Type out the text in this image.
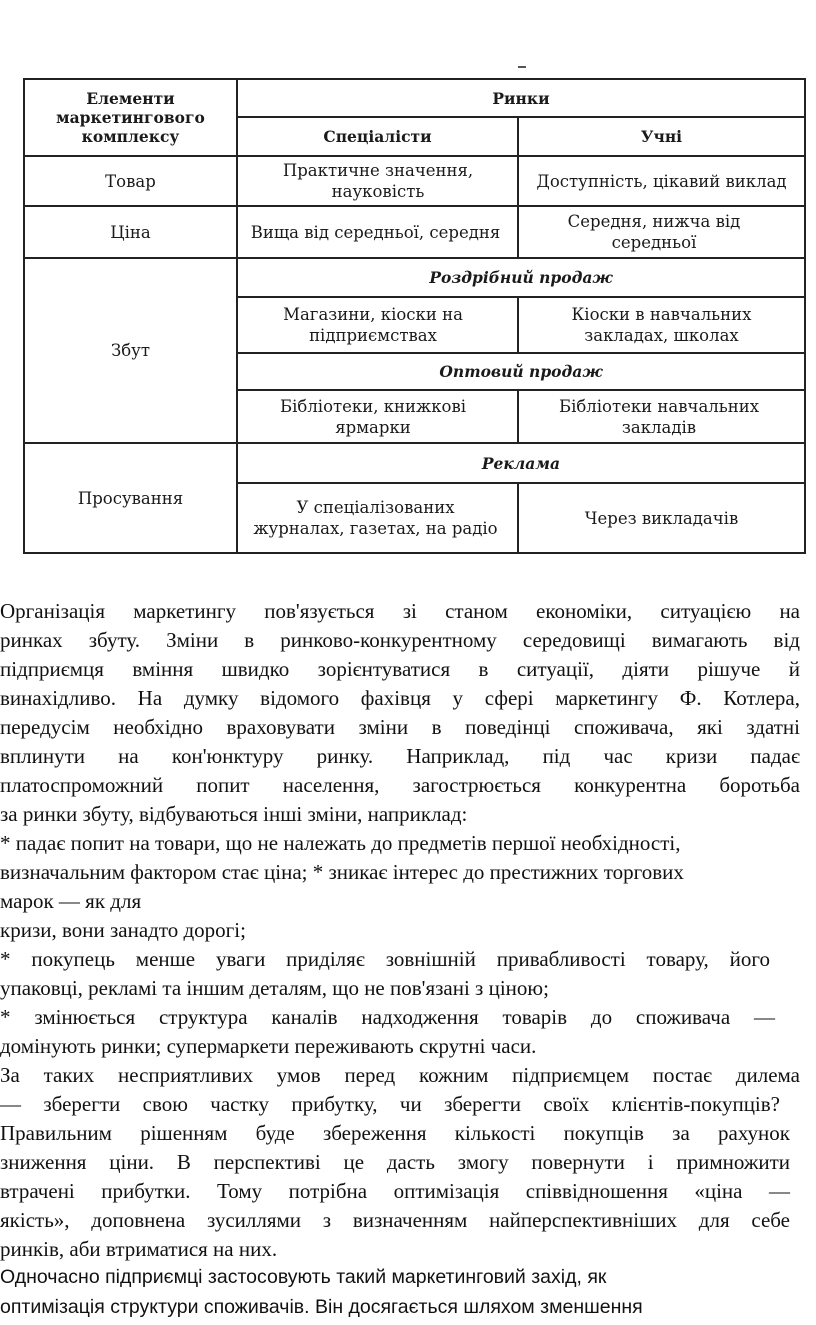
Елементи маркетингового комплексу
Ринки
Спеціалісти	Учні
Товар
Практичне значення, науковість
Доступність, цікавий виклад
Ціна	Вища від середньої, середня
Середня, нижча від середньої
Збут
Роздрібний продаж
Магазини, кіоски на підприємствах
Кіоски в навчальних закладах, школах
Оптовий продаж
Бібліотеки, книжкові ярмарки
Бібліотеки навчальних закладів
Просування
Реклама
У спеціалізованих журналах, газетах, на радіо
Через викладачів

Організація маркетингу пов'язується зі станом економіки, ситуацією на

ринках збуту. Зміни в ринково-конкурентному середовищі вимагають від

підприємця вміння швидко зорієнтуватися в ситуації, діяти рішуче й

винахідливо. На думку відомого фахівця у сфері маркетингу Ф. Котлера,

передусім необхідно враховувати зміни в поведінці споживача, які здатні

вплинути на кон'юнктуру ринку. Наприклад, під час кризи падає

платоспроможний попит населення, загострюється конкурентна боротьба

за ринки збуту, відбуваються інші зміни, наприклад:

* падає попит на товари, що не належать до предметів першої необхідності,

визначальним фактором стає ціна; * зникає інтерес до престижних торгових

марок — як для

кризи, вони занадто дорогі;

* покупець менше уваги приділяє зовнішній привабливості товару, його

упаковці, рекламі та іншим деталям, що не пов'язані з ціною;

* змінюється структура каналів надходження товарів до споживача —

домінують ринки; супермаркети переживають скрутні часи.

За таких несприятливих умов перед кожним підприємцем постає дилема

— зберегти свою частку прибутку, чи зберегти своїх клієнтів-покупців?

Правильним рішенням буде збереження кількості покупців за рахунок

зниження ціни. В перспективі це дасть змогу повернути і примножити

втрачені прибутки. Тому потрібна оптимізація співвідношення «ціна —

якість», доповнена зусиллями з визначенням найперспективніших для себе

ринків, аби втриматися на них.

Одночасно підприємці застосовують такий маркетинговий захід, як

оптимізація структури споживачів. Він досягається шляхом зменшення
